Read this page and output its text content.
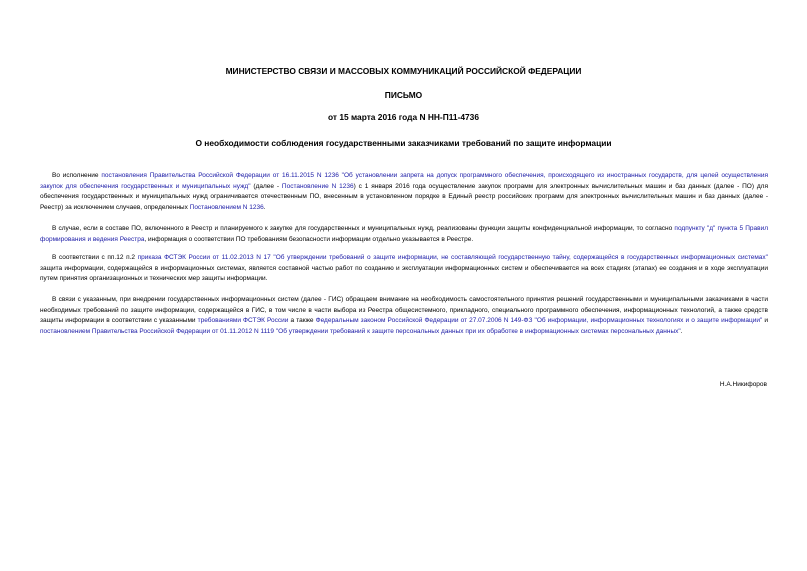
МИНИСТЕРСТВО СВЯЗИ И МАССОВЫХ КОММУНИКАЦИЙ РОССИЙСКОЙ ФЕДЕРАЦИИ
ПИСЬМО
от 15 марта 2016 года N НН-П11-4736
О необходимости соблюдения государственными заказчиками требований по защите информации
Во исполнение постановления Правительства Российской Федерации от 16.11.2015 N 1236 "Об установлении запрета на допуск программного обеспечения, происходящего из иностранных государств, для целей осуществления закупок для обеспечения государственных и муниципальных нужд" (далее - Постановление N 1236) с 1 января 2016 года осуществление закупок программ для электронных вычислительных машин и баз данных (далее - ПО) для обеспечения государственных и муниципальных нужд ограничивается отечественным ПО, внесенным в установленном порядке в Единый реестр российских программ для электронных вычислительных машин и баз данных (далее - Реестр) за исключением случаев, определенных Постановлением N 1236.
В случае, если в составе ПО, включенного в Реестр и планируемого к закупке для государственных и муниципальных нужд, реализованы функции защиты конфиденциальной информации, то согласно подпункту "д" пункта 5 Правил формирования и ведения Реестра, информация о соответствии ПО требованиям безопасности информации отдельно указывается в Реестре.
В соответствии с пп.12 п.2 приказа ФСТЭК России от 11.02.2013 N 17 "Об утверждении требований о защите информации, не составляющей государственную тайну, содержащейся в государственных информационных системах" защита информации, содержащейся в информационных системах, является составной частью работ по созданию и эксплуатации информационных систем и обеспечивается на всех стадиях (этапах) ее создания и в ходе эксплуатации путем принятия организационных и технических мер защиты информации.
В связи с указанным, при внедрении государственных информационных систем (далее - ГИС) обращаем внимание на необходимость самостоятельного принятия решений государственными и муниципальными заказчиками в части необходимых требований по защите информации, содержащейся в ГИС, в том числе в части выбора из Реестра общесистемного, прикладного, специального программного обеспечения, информационных технологий, а также средств защиты информации в соответствии с указанными требованиями ФСТЭК России а также Федеральным законом Российской Федерации от 27.07.2006 N 149-ФЗ "Об информации, информационных технологиях и о защите информации" и постановлением Правительства Российской Федерации от 01.11.2012 N 1119 "Об утверждении требований к защите персональных данных при их обработке в информационных системах персональных данных".
Н.А.Никифоров
